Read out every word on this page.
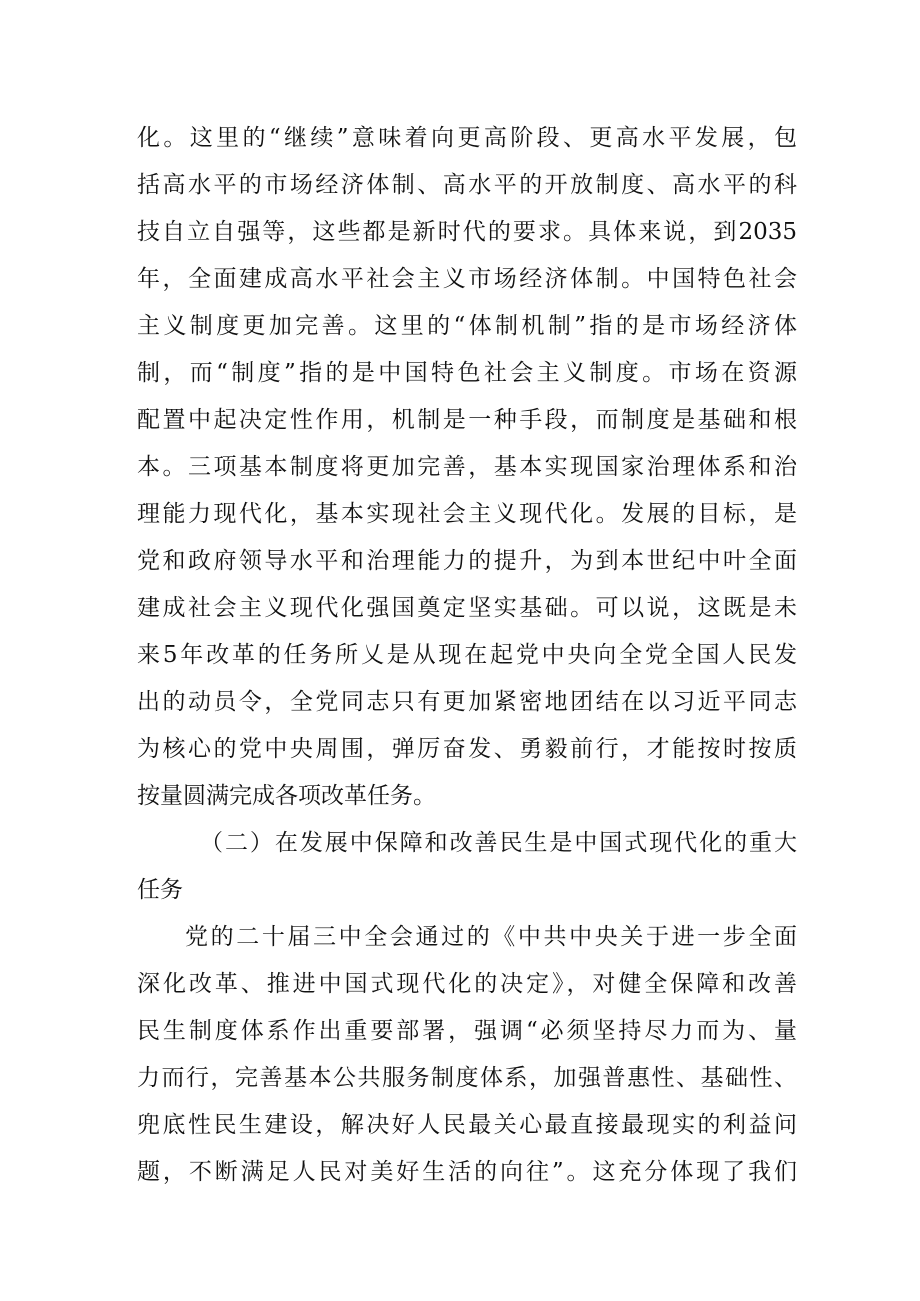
化。这里的“继续”意味着向更高阶段、更高水平发展，包
括高水平的市场经济体制、高水平的开放制度、高水平的科
技自立自强等，这些都是新时代的要求。具体来说，到2035
年，全面建成高水平社会主义市场经济体制。中国特色社会
主义制度更加完善。这里的“体制机制”指的是市场经济体
制，而“制度”指的是中国特色社会主义制度。市场在资源
配置中起决定性作用，机制是一种手段，而制度是基础和根
本。三项基本制度将更加完善，基本实现国家治理体系和治
理能力现代化，基本实现社会主义现代化。发展的目标，是
党和政府领导水平和治理能力的提升，为到本世纪中叶全面
建成社会主义现代化强国奠定坚实基础。可以说，这既是未
来5年改革的任务所乂是从现在起党中央向全党全国人民发
出的动员令，全党同志只有更加紧密地团结在以习近平同志
为核心的党中央周围，弹厉奋发、勇毅前行，才能按时按质
按量圆满完成各项改革任务。
（二）在发展中保障和改善民生是中国式现代化的重大
任务
党的二十届三中全会通过的《中共中央关于进一步全面
深化改革、推进中国式现代化的决定》，对健全保障和改善
民生制度体系作出重要部署，强调“必须坚持尽力而为、量
力而行，完善基本公共服务制度体系，加强普惠性、基础性、
兜底性民生建设，解决好人民最关心最直接最现实的利益问
题，不断满足人民对美好生活的向往”。这充分体现了我们
